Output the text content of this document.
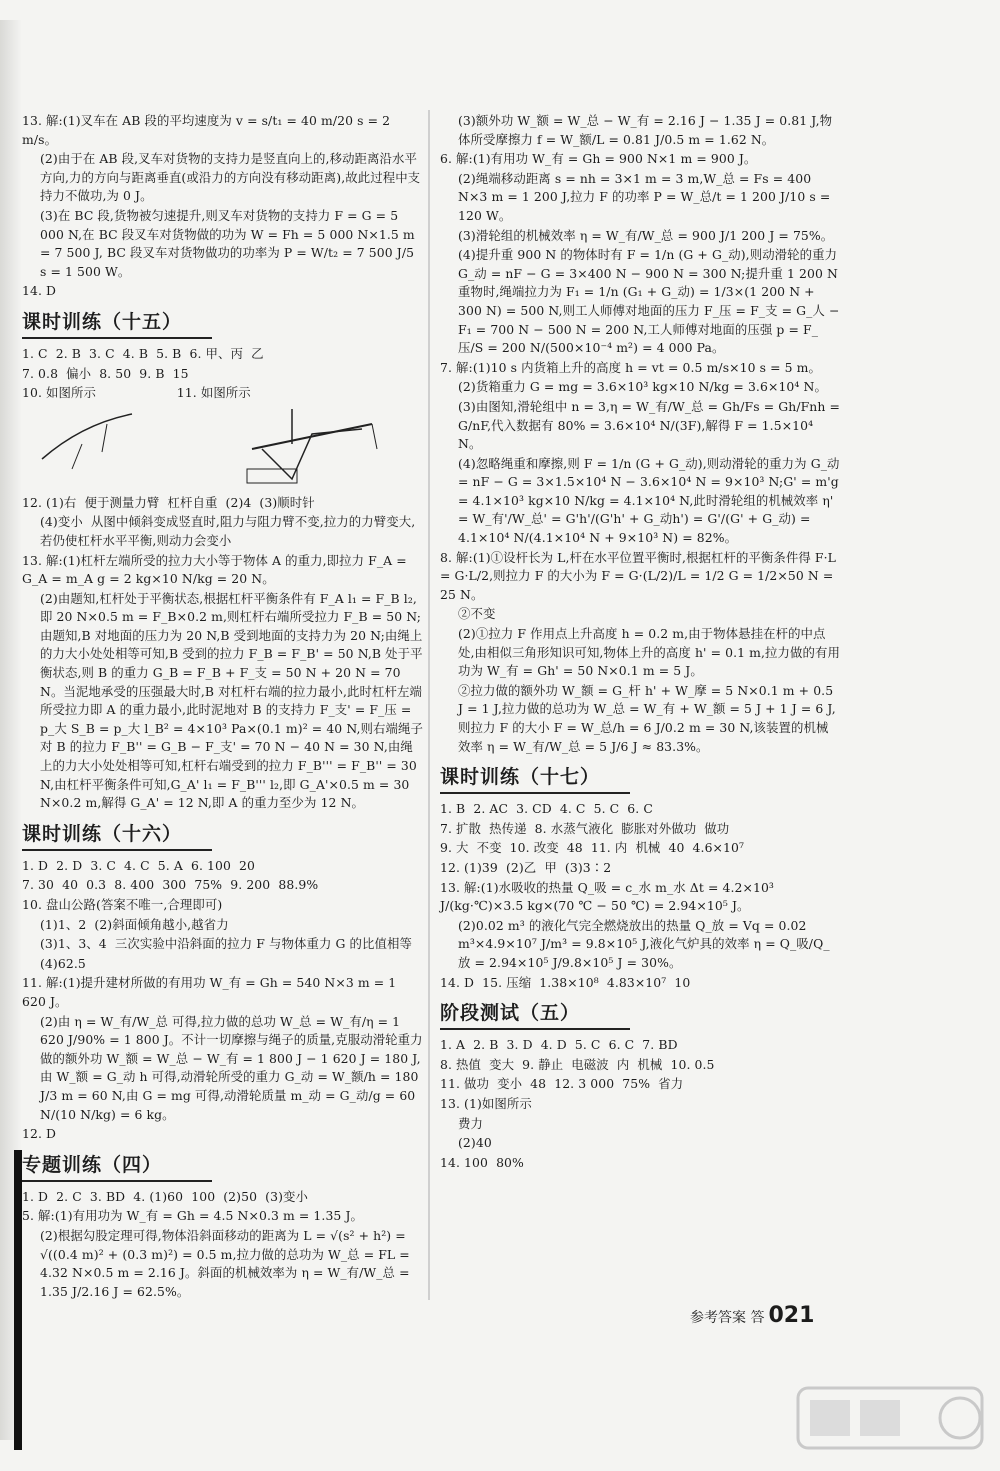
13. 解:(1)叉车在 AB 段的平均速度为 v = s/t₁ = 40 m/20 s = 2 m/s。

(2)由于在 AB 段,叉车对货物的支持力是竖直向上的,移动距离沿水平方向,力的方向与距离垂直(或沿力的方向没有移动距离),故此过程中支持力不做功,为 0 J。

(3)在 BC 段,货物被匀速提升,则叉车对货物的支持力 F = G = 5 000 N,在 BC 段叉车对货物做的功为 W = Fh = 5 000 N×1.5 m = 7 500 J, BC 段叉车对货物做功的功率为 P = W/t₂ = 7 500 J/5 s = 1 500 W。

14. D

课时训练（十五）

1. C  2. B  3. C  4. B  5. B  6. 甲、丙  乙

7. 0.8  偏小  8. 50  9. B  15

10. 如图所示                    11. 如图所示

12. (1)右  便于测量力臂  杠杆自重  (2)4  (3)顺时针

(4)变小  从图中倾斜变成竖直时,阻力与阻力臂不变,拉力的力臂变大,若仍使杠杆水平平衡,则动力会变小

13. 解:(1)杠杆左端所受的拉力大小等于物体 A 的重力,即拉力 F_A = G_A = m_A g = 2 kg×10 N/kg = 20 N。

(2)由题知,杠杆处于平衡状态,根据杠杆平衡条件有 F_A l₁ = F_B l₂,即 20 N×0.5 m = F_B×0.2 m,则杠杆右端所受拉力 F_B = 50 N;由题知,B 对地面的压力为 20 N,B 受到地面的支持力为 20 N;由绳上的力大小处处相等可知,B 受到的拉力 F_B = F_B' = 50 N,B 处于平衡状态,则 B 的重力 G_B = F_B + F_支 = 50 N + 20 N = 70 N。当泥地承受的压强最大时,B 对杠杆右端的拉力最小,此时杠杆左端所受拉力即 A 的重力最小,此时泥地对 B 的支持力 F_支' = F_压 = p_大 S_B = p_大 l_B² = 4×10³ Pa×(0.1 m)² = 40 N,则右端绳子对 B 的拉力 F_B'' = G_B − F_支' = 70 N − 40 N = 30 N,由绳上的力大小处处相等可知,杠杆右端受到的拉力 F_B''' = F_B'' = 30 N,由杠杆平衡条件可知,G_A' l₁ = F_B''' l₂,即 G_A'×0.5 m = 30 N×0.2 m,解得 G_A' = 12 N,即 A 的重力至少为 12 N。

课时训练（十六）

1. D  2. D  3. C  4. C  5. A  6. 100  20

7. 30  40  0.3  8. 400  300  75%  9. 200  88.9%

10. 盘山公路(答案不唯一,合理即可)

(1)1、2  (2)斜面倾角越小,越省力

(3)1、3、4  三次实验中沿斜面的拉力 F 与物体重力 G 的比值相等

(4)62.5

11. 解:(1)提升建材所做的有用功 W_有 = Gh = 540 N×3 m = 1 620 J。

(2)由 η = W_有/W_总 可得,拉力做的总功 W_总 = W_有/η = 1 620 J/90% = 1 800 J。不计一切摩擦与绳子的质量,克服动滑轮重力做的额外功 W_额 = W_总 − W_有 = 1 800 J − 1 620 J = 180 J,由 W_额 = G_动 h 可得,动滑轮所受的重力 G_动 = W_额/h = 180 J/3 m = 60 N,由 G = mg 可得,动滑轮质量 m_动 = G_动/g = 60 N/(10 N/kg) = 6 kg。

12. D

专题训练（四）

1. D  2. C  3. BD  4. (1)60  100  (2)50  (3)变小

5. 解:(1)有用功为 W_有 = Gh = 4.5 N×0.3 m = 1.35 J。

(2)根据勾股定理可得,物体沿斜面移动的距离为 L = √(s² + h²) = √((0.4 m)² + (0.3 m)²) = 0.5 m,拉力做的总功为 W_总 = FL = 4.32 N×0.5 m = 2.16 J。斜面的机械效率为 η = W_有/W_总 = 1.35 J/2.16 J = 62.5%。

(3)额外功 W_额 = W_总 − W_有 = 2.16 J − 1.35 J = 0.81 J,物体所受摩擦力 f = W_额/L = 0.81 J/0.5 m = 1.62 N。

6. 解:(1)有用功 W_有 = Gh = 900 N×1 m = 900 J。

(2)绳端移动距离 s = nh = 3×1 m = 3 m,W_总 = Fs = 400 N×3 m = 1 200 J,拉力 F 的功率 P = W_总/t = 1 200 J/10 s = 120 W。

(3)滑轮组的机械效率 η = W_有/W_总 = 900 J/1 200 J = 75%。

(4)提升重 900 N 的物体时有 F = 1/n (G + G_动),则动滑轮的重力 G_动 = nF − G = 3×400 N − 900 N = 300 N;提升重 1 200 N 重物时,绳端拉力为 F₁ = 1/n (G₁ + G_动) = 1/3×(1 200 N + 300 N) = 500 N,则工人师傅对地面的压力 F_压 = F_支 = G_人 − F₁ = 700 N − 500 N = 200 N,工人师傅对地面的压强 p = F_压/S = 200 N/(500×10⁻⁴ m²) = 4 000 Pa。

7. 解:(1)10 s 内货箱上升的高度 h = vt = 0.5 m/s×10 s = 5 m。

(2)货箱重力 G = mg = 3.6×10³ kg×10 N/kg = 3.6×10⁴ N。

(3)由图知,滑轮组中 n = 3,η = W_有/W_总 = Gh/Fs = Gh/Fnh = G/nF,代入数据有 80% = 3.6×10⁴ N/(3F),解得 F = 1.5×10⁴ N。

(4)忽略绳重和摩擦,则 F = 1/n (G + G_动),则动滑轮的重力为 G_动 = nF − G = 3×1.5×10⁴ N − 3.6×10⁴ N = 9×10³ N;G' = m'g = 4.1×10³ kg×10 N/kg = 4.1×10⁴ N,此时滑轮组的机械效率 η' = W_有'/W_总' = G'h'/(G'h' + G_动h') = G'/(G' + G_动) = 4.1×10⁴ N/(4.1×10⁴ N + 9×10³ N) = 82%。

8. 解:(1)①设杆长为 L,杆在水平位置平衡时,根据杠杆的平衡条件得 F·L = G·L/2,则拉力 F 的大小为 F = G·(L/2)/L = 1/2 G = 1/2×50 N = 25 N。

②不变

(2)①拉力 F 作用点上升高度 h = 0.2 m,由于物体悬挂在杆的中点处,由相似三角形知识可知,物体上升的高度 h' = 0.1 m,拉力做的有用功为 W_有 = Gh' = 50 N×0.1 m = 5 J。

②拉力做的额外功 W_额 = G_杆 h' + W_摩 = 5 N×0.1 m + 0.5 J = 1 J,拉力做的总功为 W_总 = W_有 + W_额 = 5 J + 1 J = 6 J,则拉力 F 的大小 F = W_总/h = 6 J/0.2 m = 30 N,该装置的机械效率 η = W_有/W_总 = 5 J/6 J ≈ 83.3%。

课时训练（十七）

1. B  2. AC  3. CD  4. C  5. C  6. C

7. 扩散  热传递  8. 水蒸气液化  膨胀对外做功  做功

9. 大  不变  10. 改变  48  11. 内  机械  40  4.6×10⁷

12. (1)39  (2)乙  甲  (3)3∶2

13. 解:(1)水吸收的热量 Q_吸 = c_水 m_水 Δt = 4.2×10³ J/(kg·℃)×3.5 kg×(70 ℃ − 50 ℃) = 2.94×10⁵ J。

(2)0.02 m³ 的液化气完全燃烧放出的热量 Q_放 = Vq = 0.02 m³×4.9×10⁷ J/m³ = 9.8×10⁵ J,液化气炉具的效率 η = Q_吸/Q_放 = 2.94×10⁵ J/9.8×10⁵ J = 30%。

14. D  15. 压缩  1.38×10⁸  4.83×10⁷  10

阶段测试（五）

1. A  2. B  3. D  4. D  5. C  6. C  7. BD

8. 热值  变大  9. 静止  电磁波  内  机械  10. 0.5

11. 做功  变小  48  12. 3 000  75%  省力

13. (1)如图所示

费力

(2)40

14. 100  80%

参考答案 答 021
